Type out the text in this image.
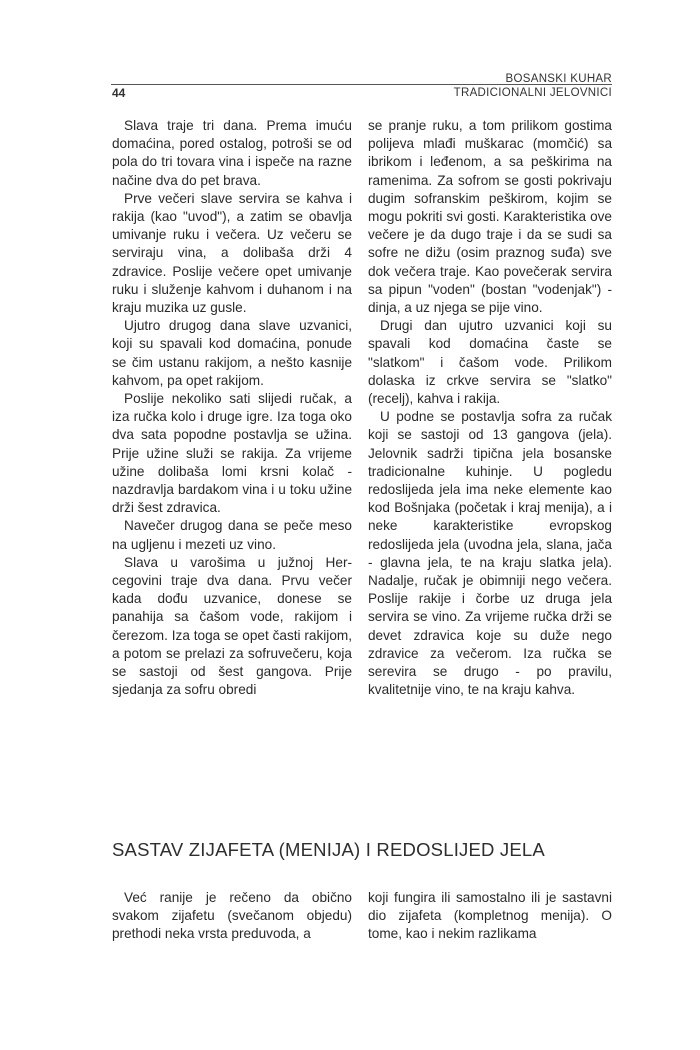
BOSANSKI KUHAR
TRADICIONALNI JELOVNICI
44

Slava traje tri dana. Prema imuću domaćina, pored ostalog, potroši se od pola do tri tovara vina i ispeče na razne načine dva do pet brava.

Prve večeri slave servira se kahva i rakija (kao "uvod"), a zatim se obavlja umivanje ruku i večera. Uz večeru se serviraju vina, a dolibaša drži 4 zdravice. Poslije večere opet umivanje ruku i služenje kahvom i duhanom i na kraju muzika uz gusle.

Ujutro drugog dana slave uzvanici, koji su spavali kod domaćina, ponude se čim ustanu rakijom, a nešto kasnije kahvom, pa opet rakijom.

Poslije nekoliko sati slijedi ručak, a iza ručka kolo i druge igre. Iza toga oko dva sata popodne postavlja se užina. Prije užine služi se rakija. Za vrijeme užine dolibaša lomi krsni kolač - nazdravlja bardakom vina i u toku užine drži šest zdravica.

Navečer drugog dana se peče meso na ugljenu i mezeti uz vino.

Slava u varošima u južnoj Hercegovini traje dva dana. Prvu večer kada dođu uzvanice, donese se panahija sa čašom vode, rakijom i čerezom. Iza toga se opet časti rakijom, a potom se prelazi za sofruvečeru, koja se sastoji od šest gangova. Prije sjedanja za sofru obredi

se pranje ruku, a tom prilikom gostima polijeva mlađi muškarac (momčić) sa ibrikom i leđenom, a sa peškirima na ramenima. Za sofrom se gosti pokrivaju dugim sofranskim peškirom, kojim se mogu pokriti svi gosti. Karakteristika ove večere je da dugo traje i da se sudi sa sofre ne dižu (osim praznog suđa) sve dok večera traje. Kao povečerak servira sa pipun "voden" (bostan "vodenjak") - dinja, a uz njega se pije vino.

Drugi dan ujutro uzvanici koji su spavali kod domaćina časte se "slatkom" i čašom vode. Prilikom dolaska iz crkve servira se "slatko" (recelj), kahva i rakija.

U podne se postavlja sofra za ručak koji se sastoji od 13 gangova (jela). Jelovnik sadrži tipična jela bosanske tradicionalne kuhinje. U pogledu redoslijeda jela ima neke elemente kao kod Bošnjaka (početak i kraj menija), a i neke karakteristike evropskog redoslijeda jela (uvodna jela, slana, jača - glavna jela, te na kraju slatka jela). Nadalje, ručak je obimniji nego večera. Poslije rakije i čorbe uz druga jela servira se vino. Za vrijeme ručka drži se devet zdravica koje su duže nego zdravice za večerom. Iza ručka se serevira se drugo - po pravilu, kvalitetnije vino, te na kraju kahva.

SASTAV ZIJAFETA (MENIJA) I REDOSLIJED JELA

Već ranije je rečeno da obično svakom zijafetu (svečanom objedu) prethodi neka vrsta preduvoda, a

koji fungira ili samostalno ili je sastavni dio zijafeta (kompletnog menija). O tome, kao i nekim razlikama
